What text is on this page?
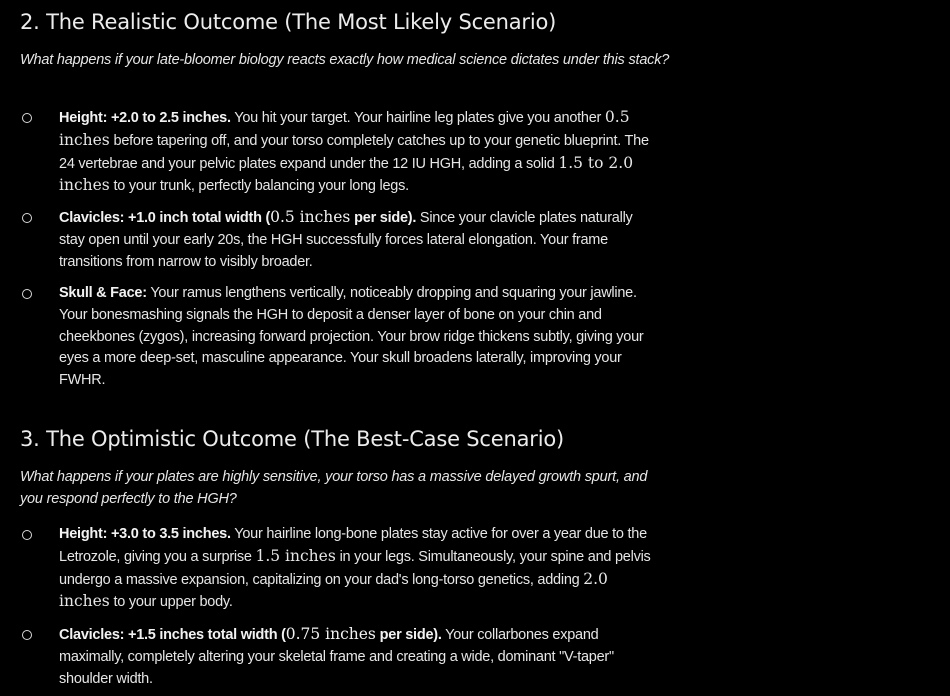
2. The Realistic Outcome (The Most Likely Scenario)

What happens if your late-bloomer biology reacts exactly how medical science dictates under this stack?

Height: +2.0 to 2.5 inches. You hit your target. Your hairline leg plates give you another 0.5 inches before tapering off, and your torso completely catches up to your genetic blueprint. The 24 vertebrae and your pelvic plates expand under the 12 IU HGH, adding a solid 1.5 to 2.0 inches to your trunk, perfectly balancing your long legs.
Clavicles: +1.0 inch total width (0.5 inches per side). Since your clavicle plates naturally stay open until your early 20s, the HGH successfully forces lateral elongation. Your frame transitions from narrow to visibly broader.
Skull & Face: Your ramus lengthens vertically, noticeably dropping and squaring your jawline. Your bonesmashing signals the HGH to deposit a denser layer of bone on your chin and cheekbones (zygos), increasing forward projection. Your brow ridge thickens subtly, giving your eyes a more deep-set, masculine appearance. Your skull broadens laterally, improving your FWHR.
3. The Optimistic Outcome (The Best-Case Scenario)

What happens if your plates are highly sensitive, your torso has a massive delayed growth spurt, and you respond perfectly to the HGH?

Height: +3.0 to 3.5 inches. Your hairline long-bone plates stay active for over a year due to the Letrozole, giving you a surprise 1.5 inches in your legs. Simultaneously, your spine and pelvis undergo a massive expansion, capitalizing on your dad's long-torso genetics, adding 2.0 inches to your upper body.
Clavicles: +1.5 inches total width (0.75 inches per side). Your collarbones expand maximally, completely altering your skeletal frame and creating a wide, dominant "V-taper" shoulder width.
